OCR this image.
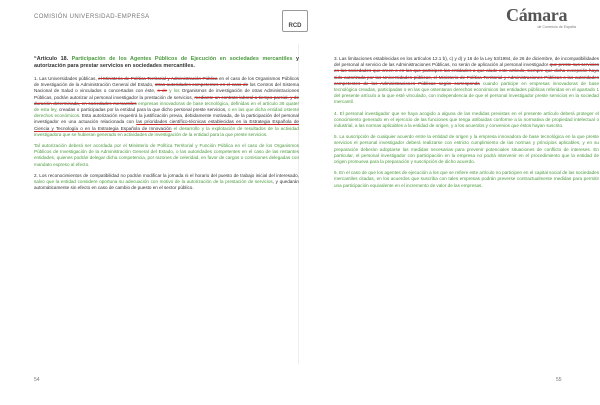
COMISIÓN UNIVERSIDAD-EMPRESA
RCD
Cámara
de Comercio de España

“Artículo 18. Participación de los Agentes Públicos de Ejecución en sociedades mercantiles y autorización para prestar servicios en sociedades mercantiles.

1. Las Universidades públicas, el Ministerio de Política Territorial y Administración Pública en el caso de los Organismos Públicos de Investigación de la Administración General del Estado, otras autoridades competentes en el caso de los Centros del Sistema Nacional de Salud o vinculados o concertados con éste, o de y los Organismos de investigación de otras Administraciones Públicas, podrán autorizar al personal investigador la prestación de servicios, mediante un contrato laboral a tiempo parcial, y de duración determinada, en sociedades mercantiles empresas innovadoras de base tecnológica, definidas en el artículo 36 quater de esta ley, creadas o participadas por la entidad para la que dicho personal preste servicios, o en las que dicha entidad ostente derechos económicos. Esta autorización requerirá la justificación previa, debidamente motivada, de la participación del personal investigador en una actuación relacionada con las prioridades científico-técnicas establecidas en la Estrategia Española de Ciencia y Tecnología o en la Estrategia Española de Innovación el desarrollo y la explotación de resultados de la actividad investigadora que se hubieran generado en actividades de investigación de la entidad para la que preste servicios.

Tal autorización deberá ser acordada por el Ministerio de Política Territorial y Función Pública en el caso de los Organismos Públicos de Investigación de la Administración General del Estado, o las autoridades competentes en el caso de las restantes entidades, quienes podrán delegar dicha competencia, por razones de celeridad, en favor de cargos o comisiones delegadas con mandato expreso al efecto.

2. Los reconocimientos de compatibilidad no podrán modificar la jornada ni el horario del puesto de trabajo inicial del interesado, salvo que la entidad considere oportuna su adecuación con motivo de la autorización de la prestación de servicios, y quedarán automáticamente sin efecto en caso de cambio de puesto en el sector público.

3. Las limitaciones establecidas en los artículos 12.1 b), c) y d) y 16 de la Ley 53/1984, de 26 de diciembre, de incompatibilidades del personal al servicio de las Administraciones Públicas, no serán de aplicación al personal investigador que preste sus servicios en las sociedades que creen o en las que participen las entidades a que alude este artículo, siempre que dicha excepción haya sido autorizada por las Universidades públicas, el Ministerio de Política Territorial y Administraciones Públicas o las autoridades competentes de las Administraciones Públicas según corresponda cuando participe en empresas innovadoras de base tecnológica creadas, participadas o en las que ostentaran derechos económicos las entidades públicas referidas en el apartado 1 del presente artículo a la que esté vinculado, con independencia de que el personal investigador preste servicios en la sociedad mercantil.

4. El personal investigador que se haya acogido a alguna de las medidas previstas en el presente artículo deberá proteger el conocimiento generado en el ejercicio de las funciones que tenga atribuidas conforme a la normativa de propiedad intelectual o industrial, a las normas aplicables a la entidad de origen, y a los acuerdos y convenios que éstos hayan suscrito.

5. La suscripción de cualquier acuerdo entre la entidad de origen y la empresa innovadora de base tecnológica en la que preste servicios el personal investigador deberá realizarse con estricto cumplimiento de las normas y principios aplicables, y en su preparación deberán adoptarse las medidas necesarias para prevenir potenciales situaciones de conflicto de intereses. En particular, el personal investigador con participación en la empresa no podrá intervenir en el procedimiento que la entidad de origen promueva para la preparación y suscripción de dicho acuerdo.

6. En el caso de que los agentes de ejecución a los que se refiere este artículo no participen en el capital social de las sociedades mercantiles citadas, en los acuerdos que suscriba con tales empresas podrán preverse contractualmente medidas para permitir una participación equivalente en el incremento de valor de las empresas.

54	55
